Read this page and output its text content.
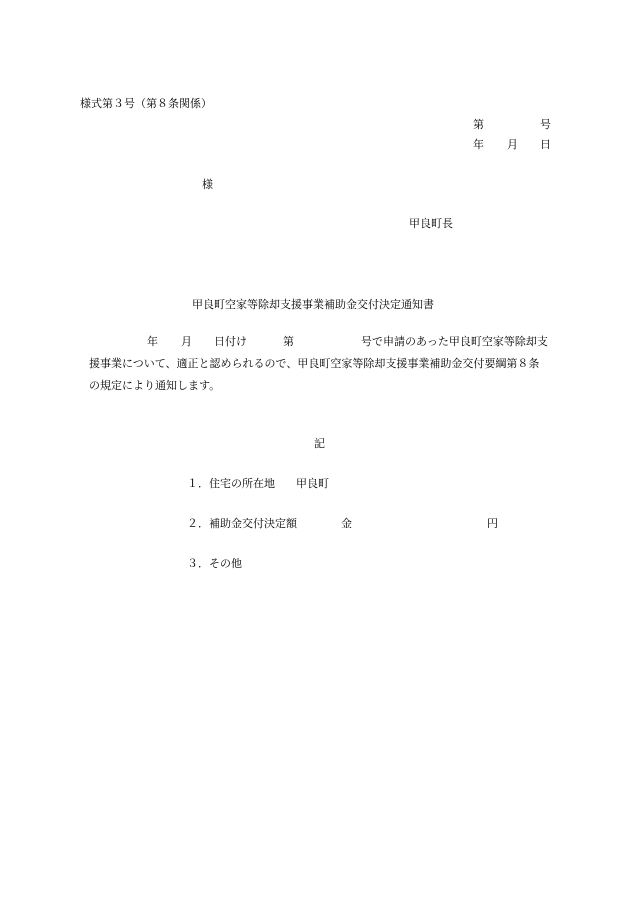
様式第３号（第８条関係）
第	号
年 月 日
様
甲良町長
甲良町空家等除却支援事業補助金交付決定通知書
年 月 日付け	第	号で申請のあった甲良町空家等除却支
援事業について、適正と認められるので、甲良町空家等除却支援事業補助金交付要綱第８条
の規定により通知します。
記
１．住宅の所在地 甲良町
２．補助金交付決定額	金	円
３．その他
